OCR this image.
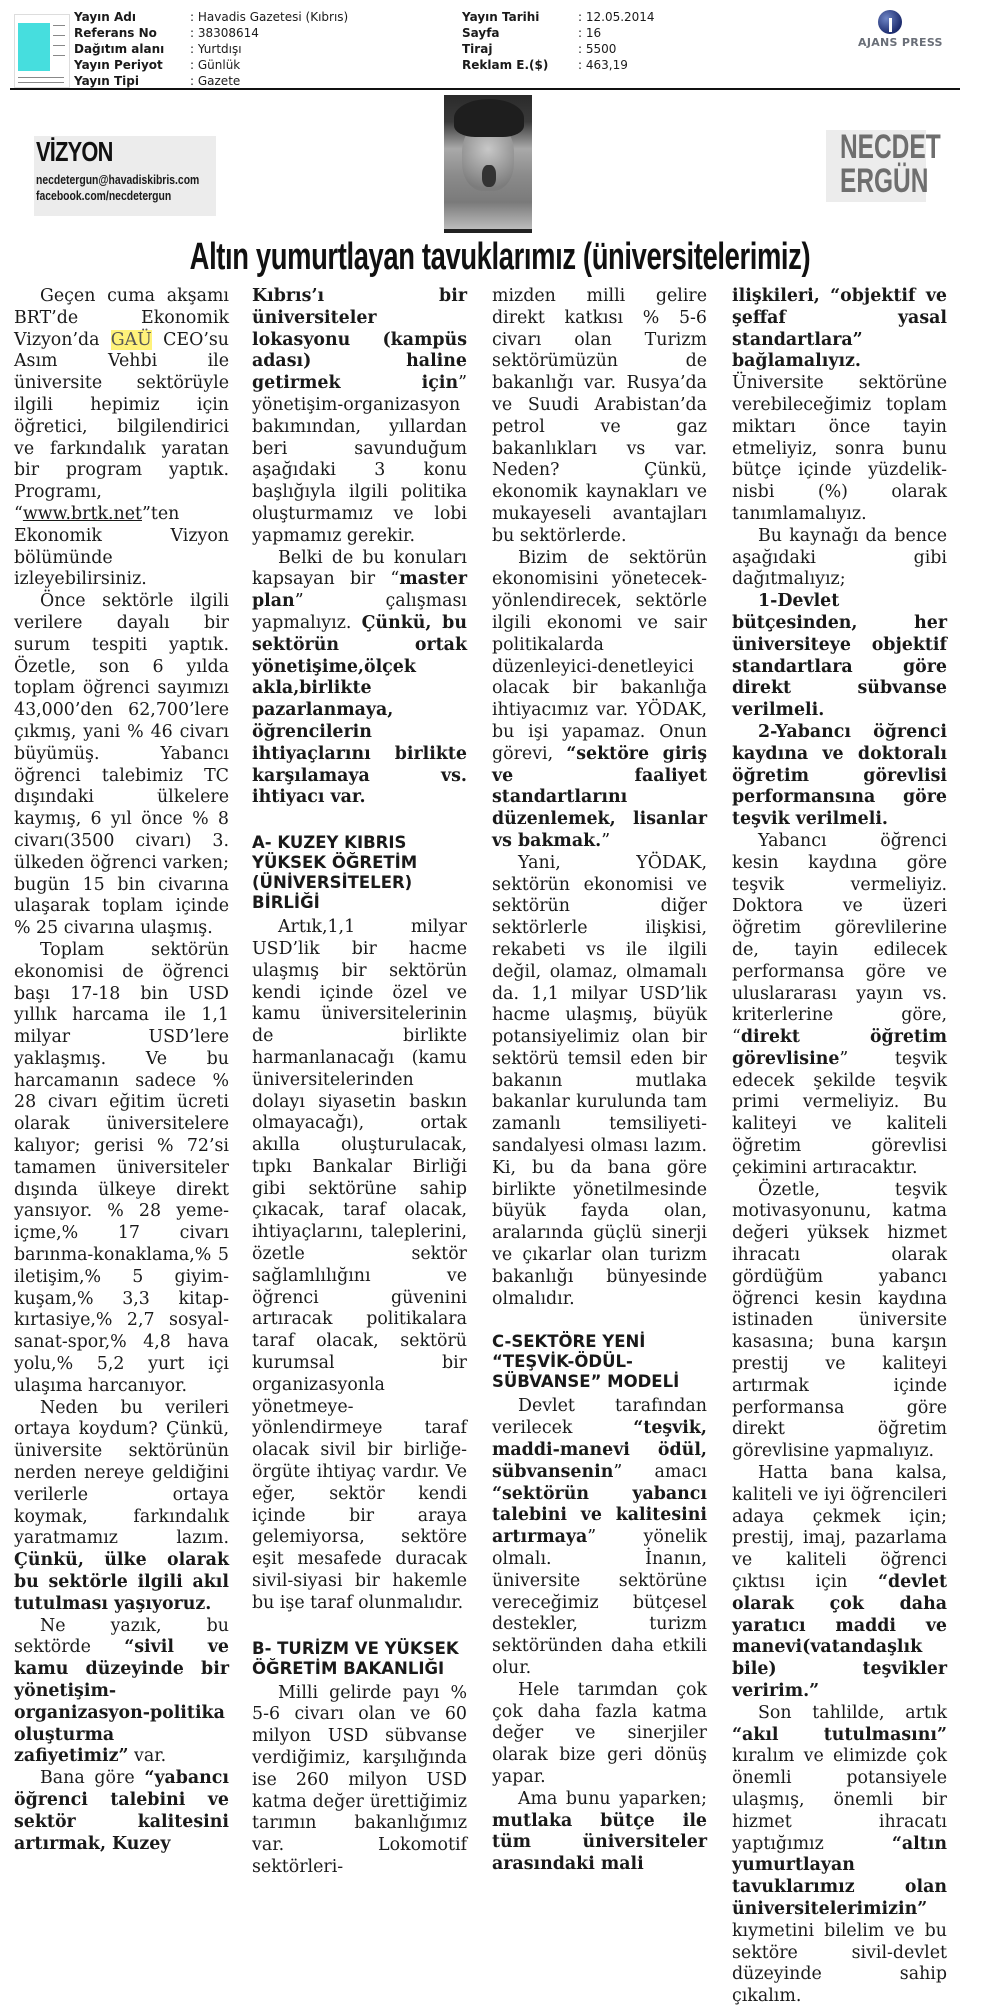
Yayın Adı	: Havadis Gazetesi (Kıbrıs)
Referans No	: 38308614
Dağıtım alanı	: Yurtdışı
Yayın Periyot	: Günlük
Yayın Tipi	: Gazete
Yayın Tarihi	: 12.05.2014
Sayfa	: 16
Tiraj	: 5500
Reklam E.($)	: 463,19
AJANS PRESS
VİZYON
necdetergun@havadiskibris.com
facebook.com/necdetergun
NECDET
ERGÜN
Altın yumurtlayan tavuklarımız (üniversitelerimiz)

Geçen cuma akşamı BRT’de Ekonomik Vizyon’da GAÜ CEO’su Asım Vehbi ile üniversite sektörüyle ilgili hepimiz için öğretici, bilgilendirici ve farkındalık yaratan bir program yaptık. Programı, “www.brtk.net”ten Ekonomik Vizyon bölümünde izleyebilirsiniz.

Önce sektörle ilgili verilere dayalı bir surum tespiti yaptık. Özetle, son 6 yılda toplam öğrenci sayımızı 43,000’den 62,700’lere çıkmış, yani % 46 civarı büyümüş. Yabancı öğrenci talebimiz TC dışındaki ülkelere kaymış, 6 yıl önce % 8 civarı(3500 civarı) 3. ülkeden öğrenci varken; bugün 15 bin civarına ulaşarak toplam içinde % 25 civarına ulaşmış.

Toplam sektörün ekonomisi de öğrenci başı 17-18 bin USD yıllık harcama ile 1,1 milyar USD’lere yaklaşmış. Ve bu harcamanın sadece % 28 civarı eğitim ücreti olarak üniversitelere kalıyor; gerisi % 72’si tamamen üniversiteler dışında ülkeye direkt yansıyor. % 28 yeme-içme,% 17 civarı barınma-konaklama,% 5 iletişim,% 5 giyim-kuşam,% 3,3 kitap-kırtasiye,% 2,7 sosyal-sanat-spor,% 4,8 hava yolu,% 5,2 yurt içi ulaşıma harcanıyor.

Neden bu verileri ortaya koydum? Çünkü, üniversite sektörünün nerden nereye geldiğini verilerle ortaya koymak, farkındalık yaratmamız lazım. Çünkü, ülke olarak bu sektörle ilgili akıl tutulması yaşıyoruz.

Ne yazık, bu sektörde “sivil ve kamu düzeyinde bir yönetişim-organizasyon-politika oluşturma zafiyetimiz” var.

Bana göre “yabancı öğrenci talebini ve sektör kalitesini artırmak, Kuzey

Kıbrıs’ı bir üniversiteler lokasyonu (kampüs adası) haline getirmek için” yönetişim-organizasyon bakımından, yıllardan beri savunduğum aşağıdaki 3 konu başlığıyla ilgili politika oluşturmamız ve lobi yapmamız gerekir.

Belki de bu konuları kapsayan bir “master plan” çalışması yapmalıyız. Çünkü, bu sektörün ortak yönetişime,ölçek akla,birlikte pazarlanmaya, öğrencilerin ihtiyaçlarını birlikte karşılamaya vs. ihtiyacı var.

A- KUZEY KIBRIS YÜKSEK ÖĞRETİM (ÜNİVERSİTELER) BİRLİĞİ

Artık,1,1 milyar USD’lik bir hacme ulaşmış bir sektörün kendi içinde özel ve kamu üniversitelerinin de birlikte harmanlanacağı (kamu üniversitelerinden dolayı siyasetin baskın olmayacağı), ortak akılla oluşturulacak, tıpkı Bankalar Birliği gibi sektörüne sahip çıkacak, taraf olacak, ihtiyaçlarını, taleplerini, özetle sektör sağlamlılığını ve öğrenci güvenini artıracak politikalara taraf olacak, sektörü kurumsal bir organizasyonla yönetmeye-yönlendirmeye taraf olacak sivil bir birliğe-örgüte ihtiyaç vardır. Ve eğer, sektör kendi içinde bir araya gelemiyorsa, sektöre eşit mesafede duracak sivil-siyasi bir hakemle bu işe taraf olunmalıdır.

B- TURİZM VE YÜKSEK ÖĞRETİM BAKANLIĞI

Milli gelirde payı % 5-6 civarı olan ve 60 milyon USD sübvanse verdiğimiz, karşılığında ise 260 milyon USD katma değer ürettiğimiz tarımın bakanlığımız var. Lokomotif sektörleri-

mizden milli gelire direkt katkısı % 5-6 civarı olan Turizm sektörümüzün de bakanlığı var. Rusya’da ve Suudi Arabistan’da petrol ve gaz bakanlıkları vs var. Neden? Çünkü, ekonomik kaynakları ve mukayeseli avantajları bu sektörlerde.

Bizim de sektörün ekonomisini yönetecek-yönlendirecek, sektörle ilgili ekonomi ve sair politikalarda düzenleyici-denetleyici olacak bir bakanlığa ihtiyacımız var. YÖDAK, bu işi yapamaz. Onun görevi, “sektöre giriş ve faaliyet standartlarını düzenlemek, lisanlar vs bakmak.”

Yani, YÖDAK, sektörün ekonomisi ve sektörün diğer sektörlerle ilişkisi, rekabeti vs ile ilgili değil, olamaz, olmamalı da. 1,1 milyar USD’lik hacme ulaşmış, büyük potansiyelimiz olan bir sektörü temsil eden bir bakanın mutlaka bakanlar kurulunda tam zamanlı temsiliyeti-sandalyesi olması lazım. Ki, bu da bana göre birlikte yönetilmesinde büyük fayda olan, aralarında güçlü sinerji ve çıkarlar olan turizm bakanlığı bünyesinde olmalıdır.

C-SEKTÖRE YENİ “TEŞVİK-ÖDÜL-SÜBVANSE” MODELİ

Devlet tarafından verilecek “teşvik, maddi-manevi ödül, sübvansenin” amacı “sektörün yabancı talebini ve kalitesini artırmaya” yönelik olmalı. İnanın, üniversite sektörüne vereceğimiz bütçesel destekler, turizm sektöründen daha etkili olur.

Hele tarımdan çok çok daha fazla katma değer ve sinerjiler olarak bize geri dönüş yapar.

Ama bunu yaparken; mutlaka bütçe ile tüm üniversiteler arasındaki mali

ilişkileri, “objektif ve şeffaf yasal standartlara” bağlamalıyız. Üniversite sektörüne verebileceğimiz toplam miktarı önce tayin etmeliyiz, sonra bunu bütçe içinde yüzdelik-nisbi (%) olarak tanımlamalıyız.

Bu kaynağı da bence aşağıdaki gibi dağıtmalıyız;

1-Devlet bütçesinden, her üniversiteye objektif standartlara göre direkt sübvanse verilmeli.

2-Yabancı öğrenci kaydına ve doktoralı öğretim görevlisi performansına göre teşvik verilmeli.

Yabancı öğrenci kesin kaydına göre teşvik vermeliyiz. Doktora ve üzeri öğretim görevlilerine de, tayin edilecek performansa göre ve uluslararası yayın vs. kriterlerine göre, “direkt öğretim görevlisine” teşvik edecek şekilde teşvik primi vermeliyiz. Bu kaliteyi ve kaliteli öğretim görevlisi çekimini artıracaktır.

Özetle, teşvik motivasyonunu, katma değeri yüksek hizmet ihracatı olarak gördüğüm yabancı öğrenci kesin kaydına istinaden üniversite kasasına; buna karşın prestij ve kaliteyi artırmak içinde performansa göre direkt öğretim görevlisine yapmalıyız.

Hatta bana kalsa, kaliteli ve iyi öğrencileri adaya çekmek için; prestij, imaj, pazarlama ve kaliteli öğrenci çıktısı için “devlet olarak çok daha yaratıcı maddi ve manevi(vatandaşlık bile) teşvikler veririm.”

Son tahlilde, artık “akıl tutulmasını” kıralım ve elimizde çok önemli potansiyele ulaşmış, önemli bir hizmet ihracatı yaptığımız “altın yumurtlayan tavuklarımız olan üniversitelerimizin” kıymetini bilelim ve bu sektöre sivil-devlet düzeyinde sahip çıkalım.
